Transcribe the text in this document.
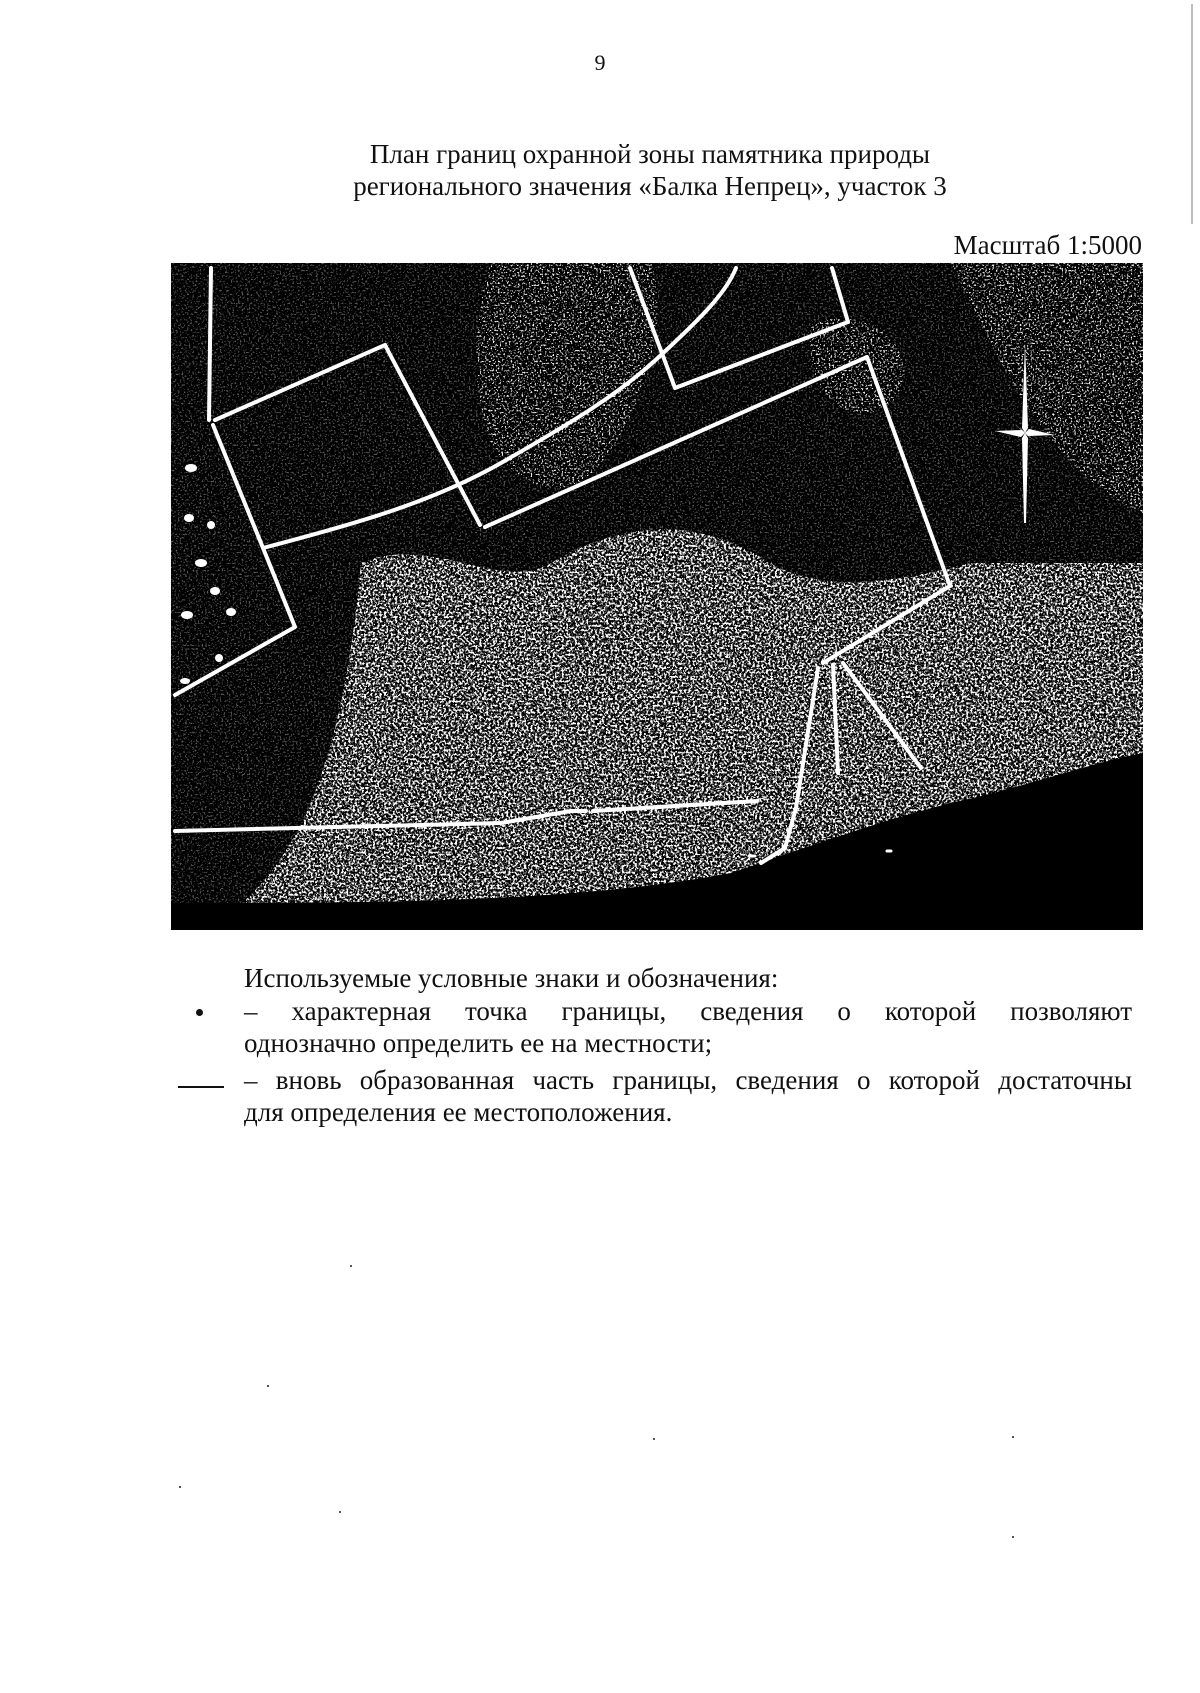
9
План границ охранной зоны памятника природы
регионального значения «Балка Непрец», участок 3
Масштаб 1:5000
Используемые условные знаки и обозначения:
– характерная точка границы, сведения о которой позволяют
однозначно определить ее на местности;
– вновь образованная часть границы, сведения о которой достаточны
для определения ее местоположения.
